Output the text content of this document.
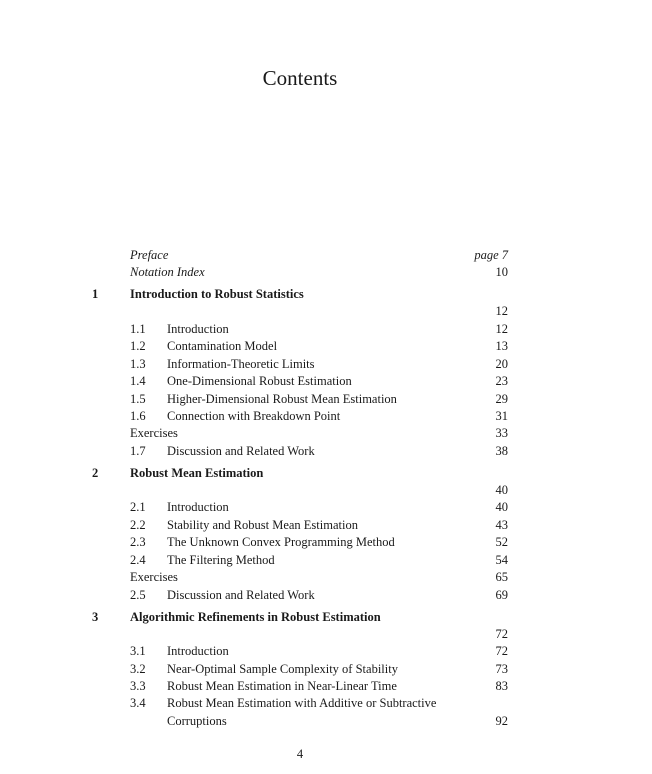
Contents
Preface	page 7
Notation Index	10
1	Introduction to Robust Statistics
12
1.1 Introduction	12
1.2 Contamination Model	13
1.3 Information-Theoretic Limits	20
1.4 One-Dimensional Robust Estimation	23
1.5 Higher-Dimensional Robust Mean Estimation	29
1.6 Connection with Breakdown Point	31
Exercises	33
1.7 Discussion and Related Work	38
2	Robust Mean Estimation
40
2.1 Introduction	40
2.2 Stability and Robust Mean Estimation	43
2.3 The Unknown Convex Programming Method	52
2.4 The Filtering Method	54
Exercises	65
2.5 Discussion and Related Work	69
3	Algorithmic Refinements in Robust Estimation
72
3.1 Introduction	72
3.2 Near-Optimal Sample Complexity of Stability	73
3.3 Robust Mean Estimation in Near-Linear Time	83
3.4 Robust Mean Estimation with Additive or Subtractive
Corruptions	92
4
